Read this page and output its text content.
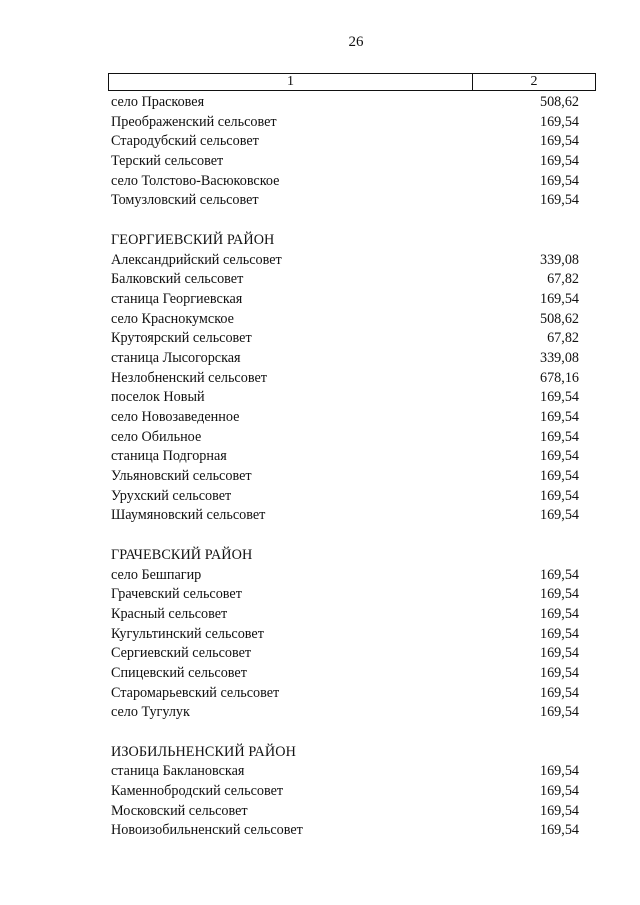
26
1	2
село Прасковея	508,62
Преображенский сельсовет	169,54
Стародубский сельсовет	169,54
Терский сельсовет	169,54
село Толстово-Васюковское	169,54
Томузловский сельсовет	169,54
ГЕОРГИЕВСКИЙ РАЙОН
Александрийский сельсовет	339,08
Балковский сельсовет	67,82
станица Георгиевская	169,54
село Краснокумское	508,62
Крутоярский сельсовет	67,82
станица Лысогорская	339,08
Незлобненский сельсовет	678,16
поселок Новый	169,54
село Новозаведенное	169,54
село Обильное	169,54
станица Подгорная	169,54
Ульяновский сельсовет	169,54
Урухский сельсовет	169,54
Шаумяновский сельсовет	169,54
ГРАЧЕВСКИЙ РАЙОН
село Бешпагир	169,54
Грачевский сельсовет	169,54
Красный сельсовет	169,54
Кугультинский сельсовет	169,54
Сергиевский сельсовет	169,54
Спицевский сельсовет	169,54
Старомарьевский сельсовет	169,54
село Тугулук	169,54
ИЗОБИЛЬНЕНСКИЙ РАЙОН
станица Баклановская	169,54
Каменнобродский сельсовет	169,54
Московский сельсовет	169,54
Новоизобильненский сельсовет	169,54
